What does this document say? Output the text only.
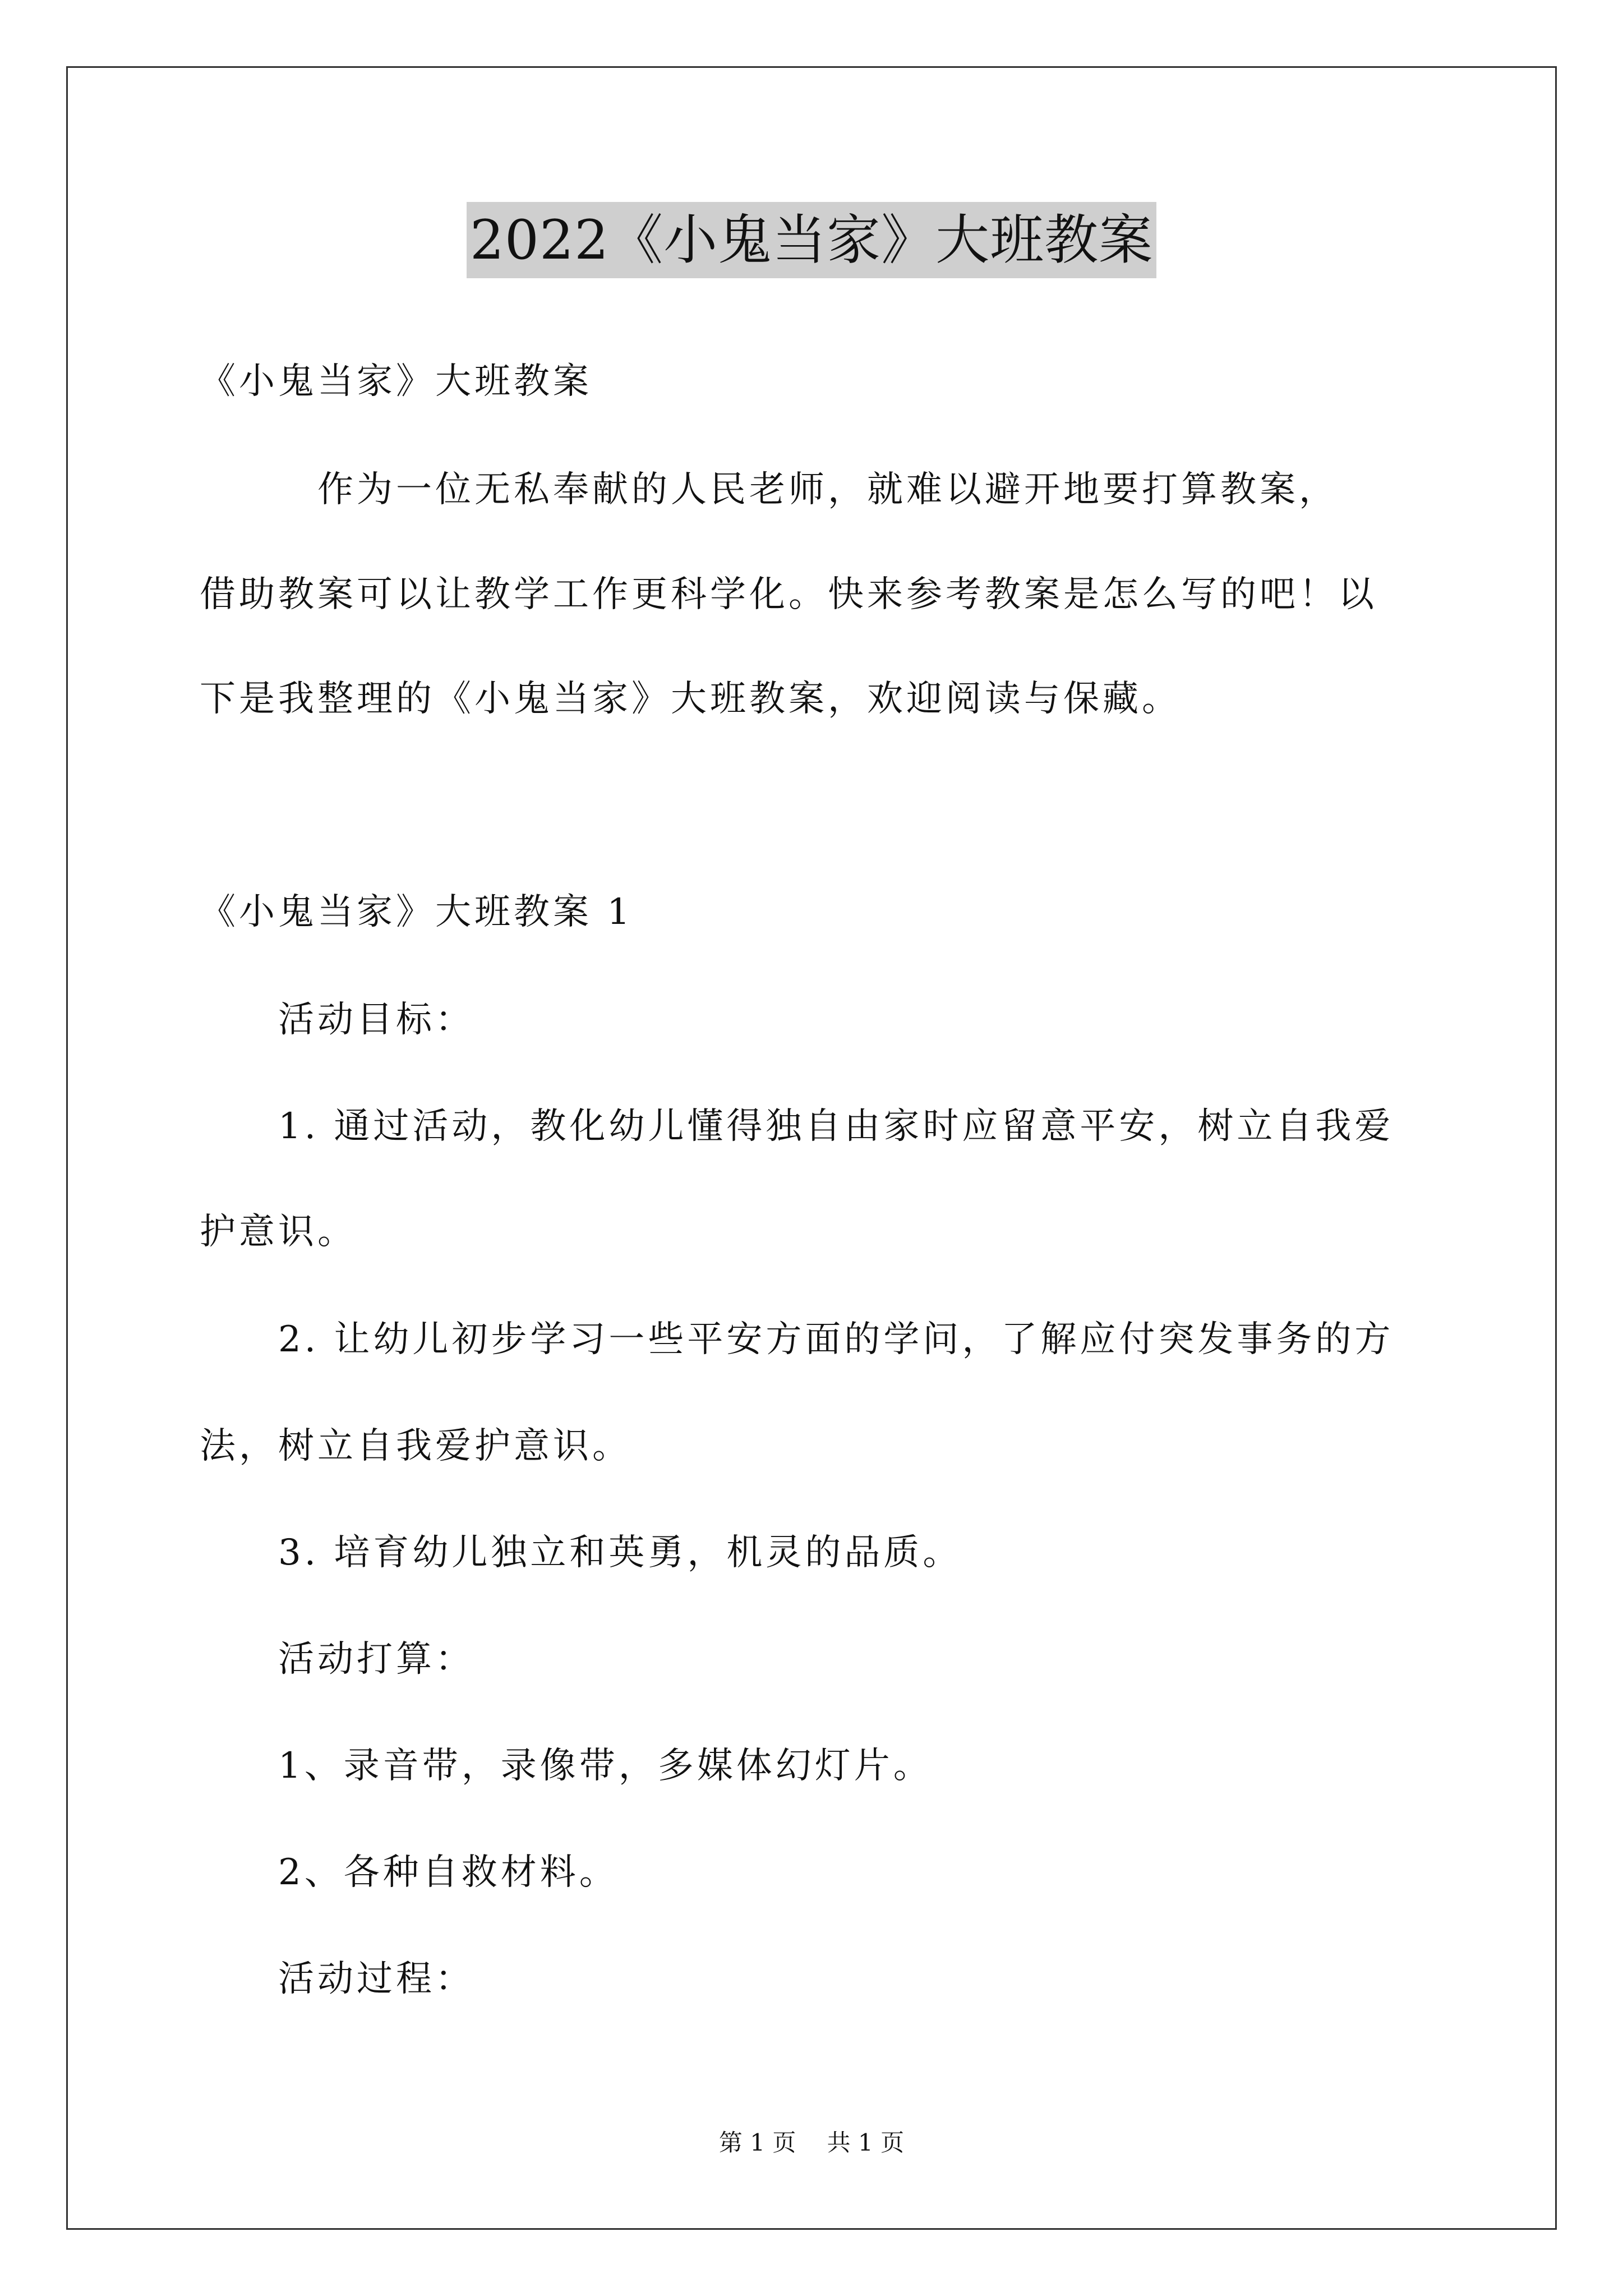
2022《小鬼当家》大班教案
《小鬼当家》大班教案
　　　作为一位无私奉献的人民老师，就难以避开地要打算教案，
借助教案可以让教学工作更科学化。快来参考教案是怎么写的吧！以
下是我整理的《小鬼当家》大班教案，欢迎阅读与保藏。
《小鬼当家》大班教案 1
　　活动目标：
　　1. 通过活动，教化幼儿懂得独自由家时应留意平安，树立自我爱
护意识。
　　2. 让幼儿初步学习一些平安方面的学问，了解应付突发事务的方
法，树立自我爱护意识。
　　3. 培育幼儿独立和英勇，机灵的品质。
　　活动打算：
　　1、录音带，录像带，多媒体幻灯片。
　　2、各种自救材料。
　　活动过程：
第 1 页　 共 1 页
